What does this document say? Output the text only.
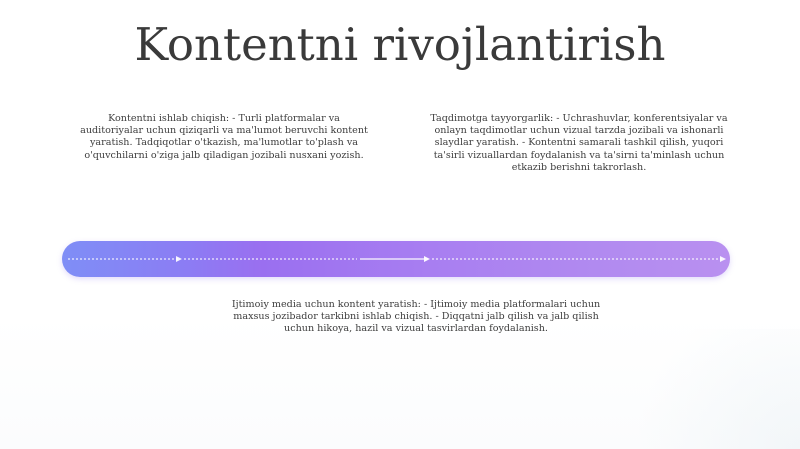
Kontentni rivojlantirish

Kontentni ishlab chiqish: - Turli platformalar va auditoriyalar uchun qiziqarli va ma'lumot beruvchi kontent yaratish. Tadqiqotlar o'tkazish, ma'lumotlar to'plash va o'quvchilarni o'ziga jalb qiladigan jozibali nusxani yozish.

Taqdimotga tayyorgarlik: - Uchrashuvlar, konferentsiyalar va onlayn taqdimotlar uchun vizual tarzda jozibali va ishonarli slaydlar yaratish. - Kontentni samarali tashkil qilish, yuqori ta'sirli vizuallardan foydalanish va ta'sirni ta'minlash uchun etkazib berishni takrorlash.

Ijtimoiy media uchun kontent yaratish: - Ijtimoiy media platformalari uchun maxsus jozibador tarkibni ishlab chiqish. - Diqqatni jalb qilish va jalb qilish uchun hikoya, hazil va vizual tasvirlardan foydalanish.
